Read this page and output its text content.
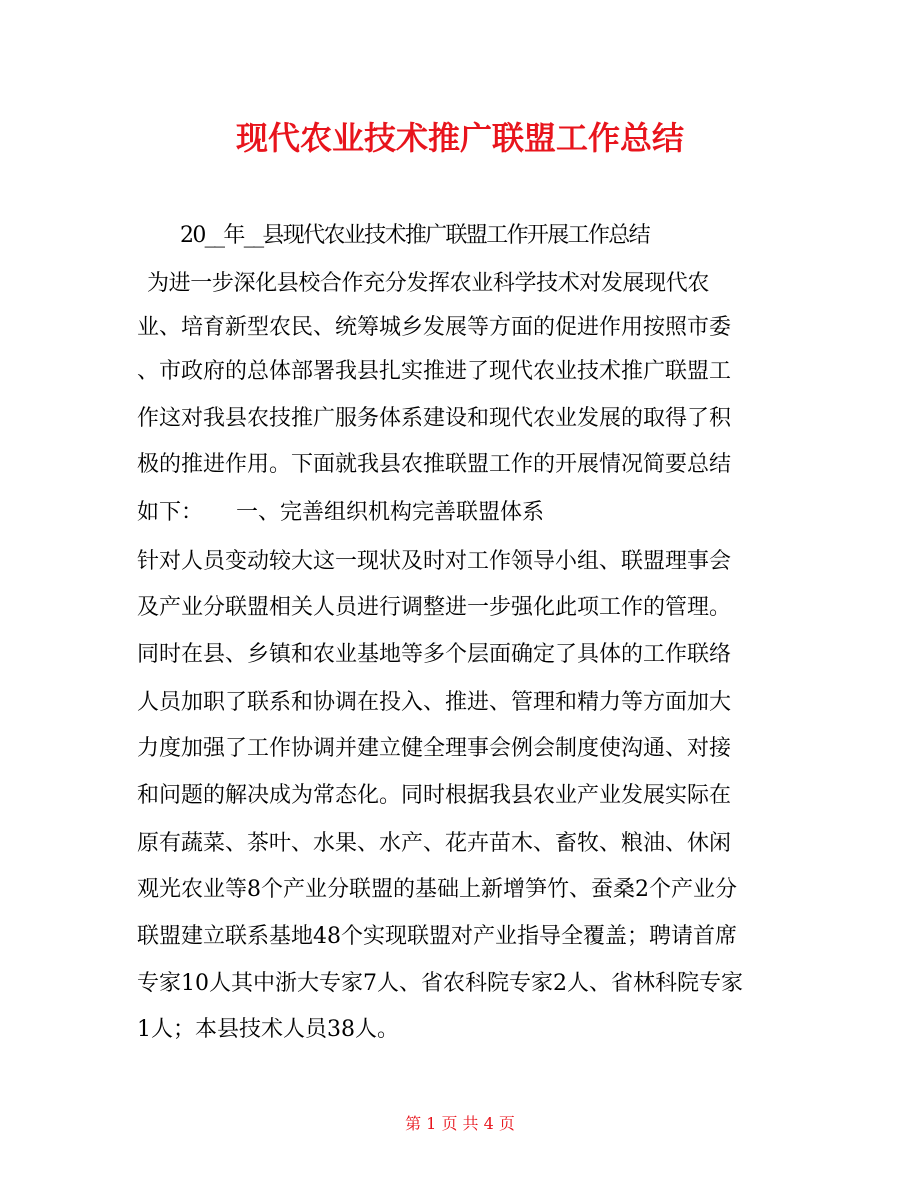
现代农业技术推广联盟工作总结
20__年__县现代农业技术推广联盟工作开展工作总结
为进一步深化县校合作充分发挥农业科学技术对发展现代农
业、培育新型农民、统筹城乡发展等方面的促进作用按照市委
、市政府的总体部署我县扎实推进了现代农业技术推广联盟工
作这对我县农技推广服务体系建设和现代农业发展的取得了积
极的推进作用。下面就我县农推联盟工作的开展情况简要总结
如下：　　一、完善组织机构完善联盟体系
针对人员变动较大这一现状及时对工作领导小组、联盟理事会
及产业分联盟相关人员进行调整进一步强化此项工作的管理。
同时在县、乡镇和农业基地等多个层面确定了具体的工作联络
人员加职了联系和协调在投入、推进、管理和精力等方面加大
力度加强了工作协调并建立健全理事会例会制度使沟通、对接
和问题的解决成为常态化。同时根据我县农业产业发展实际在
原有蔬菜、茶叶、水果、水产、花卉苗木、畜牧、粮油、休闲
观光农业等8个产业分联盟的基础上新增笋竹、蚕桑2个产业分
联盟建立联系基地48个实现联盟对产业指导全覆盖；聘请首席
专家10人其中浙大专家7人、省农科院专家2人、省林科院专家
1人；本县技术人员38人。
第 1 页 共 4 页
